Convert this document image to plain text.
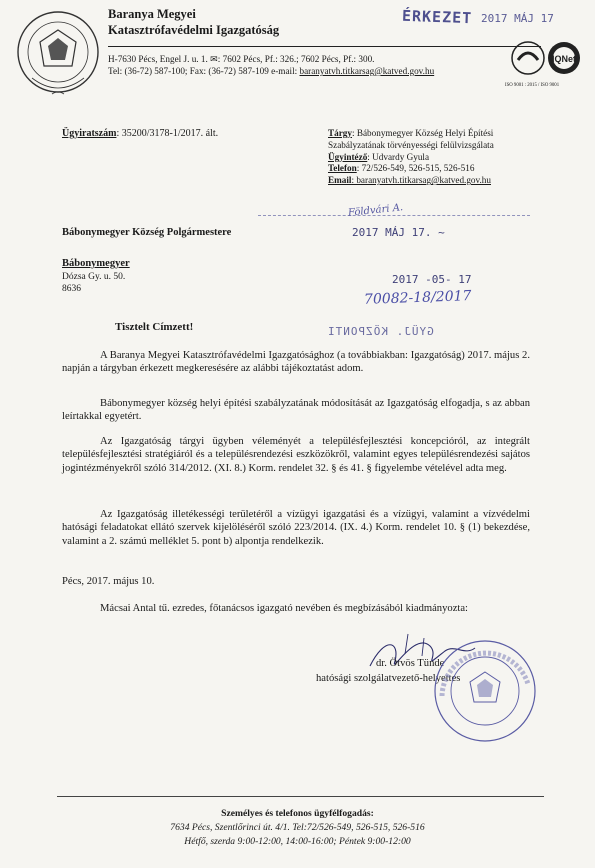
Baranya Megyei
Katasztrófavédelmi Igazgatóság
H-7630 Pécs, Engel J. u. 1. ✉: 7602 Pécs, Pf.: 326.; 7602 Pécs, Pf.: 300.
Tel: (36-72) 587-100; Fax: (36-72) 587-109 e-mail: baranyatvh.titkarsag@katved.gov.hu
IQNet
ISO 9001 : 2015 / ISO 9001
ÉRKEZET 2017 MÁJ 17
Ügyiratszám: 35200/3178-1/2017. ált.	Tárgy: Bábonymegyer Község Helyi Építési Szabályzatának törvényességi felülvizsgálata
Ügyintéző: Udvardy Gyula
Telefon: 72/526-549, 526-515, 526-516
Email: baranyatvh.titkarsag@katved.gov.hu
Földvári A.
2017 MÁJ 17. ~
2017 -05- 17
70082-18/2017
GYÜJ. KÖZPONTI
Bábonymegyer Község Polgármestere
Bábonymegyer
Dózsa Gy. u. 50.
8636
Tisztelt Címzett!
A Baranya Megyei Katasztrófavédelmi Igazgatósághoz (a továbbiakban: Igazgatóság) 2017. május 2. napján a tárgyban érkezett megkeresésére az alábbi tájékoztatást adom.
Bábonymegyer község helyi építési szabályzatának módosítását az Igazgatóság elfogadja, s az abban leírtakkal egyetért.
Az Igazgatóság tárgyi ügyben véleményét a településfejlesztési koncepcióról, az integrált településfejlesztési stratégiáról és a településrendezési eszközökről, valamint egyes településrendezési sajátos jogintézményekről szóló 314/2012. (XI. 8.) Korm. rendelet 32. § és 41. § figyelembe vételével adta meg.
Az Igazgatóság illetékességi területéről a vízügyi igazgatási és a vízügyi, valamint a vízvédelmi hatósági feladatokat ellátó szervek kijelöléséről szóló 223/2014. (IX. 4.) Korm. rendelet 10. § (1) bekezdése, valamint a 2. számú melléklet 5. pont b) alpontja rendelkezik.
Pécs, 2017. május 10.
Mácsai Antal tű. ezredes, főtanácsos igazgató nevében és megbízásából kiadmányozta:
dr. Ötvös Tünde
hatósági szolgálatvezető-helyettes
Személyes és telefonos ügyfélfogadás:
7634 Pécs, Szentlőrinci út. 4/1. Tel:72/526-549, 526-515, 526-516
Hétfő, szerda 9:00-12:00, 14:00-16:00; Péntek 9:00-12:00
